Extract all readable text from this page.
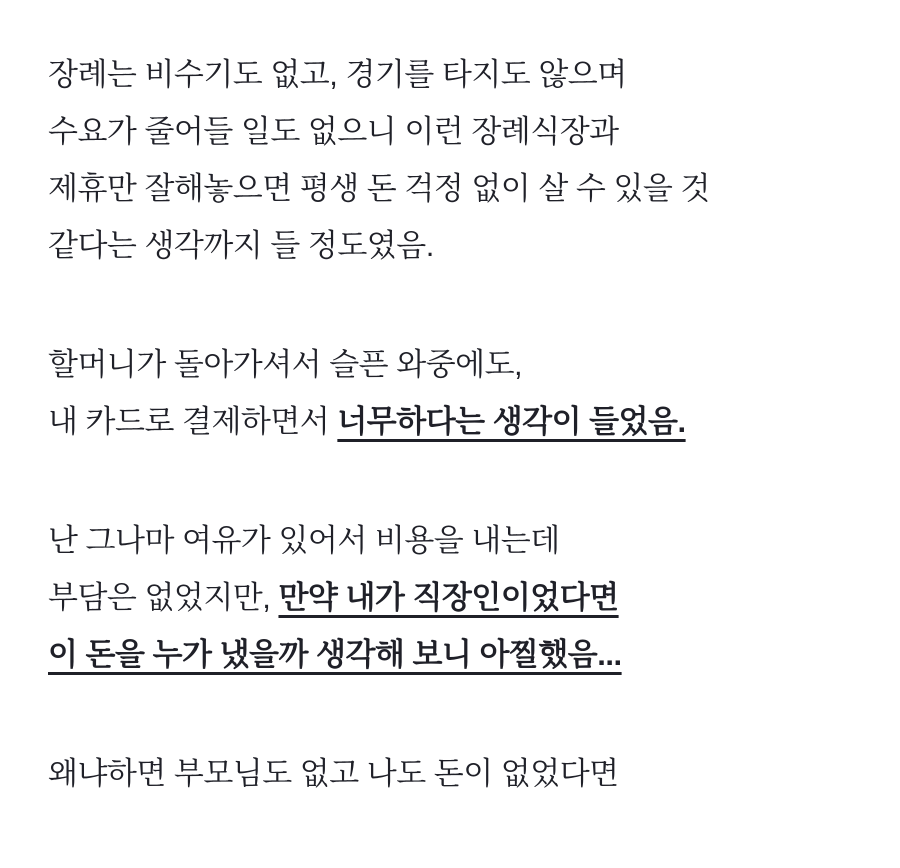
장례는 비수기도 없고, 경기를 타지도 않으며

수요가 줄어들 일도 없으니 이런 장례식장과

제휴만 잘해놓으면 평생 돈 걱정 없이 살 수 있을 것

같다는 생각까지 들 정도였음.

할머니가 돌아가셔서 슬픈 와중에도,

내 카드로 결제하면서 너무하다는 생각이 들었음.

난 그나마 여유가 있어서 비용을 내는데

부담은 없었지만, 만약 내가 직장인이었다면

이 돈을 누가 냈을까 생각해 보니 아찔했음...

왜냐하면 부모님도 없고 나도 돈이 없었다면
